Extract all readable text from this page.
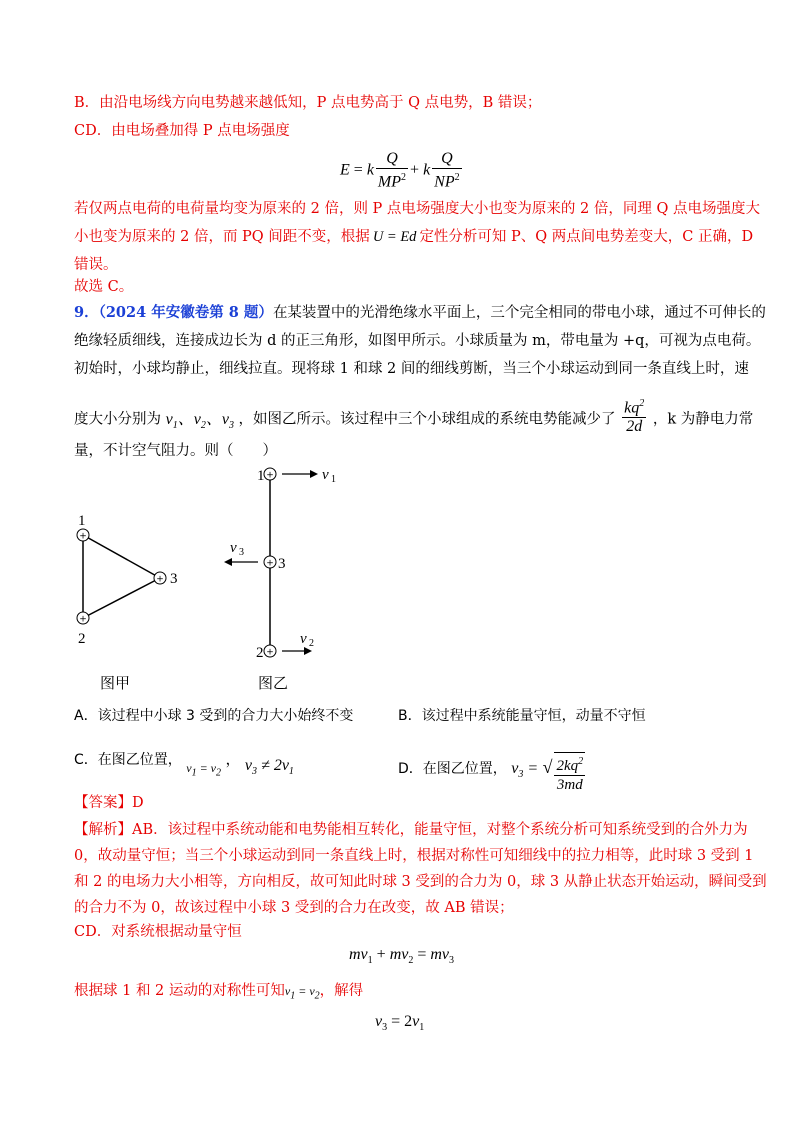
B．由沿电场线方向电势越来越低知，P 点电势高于 Q 点电势，B 错误；
CD．由电场叠加得 P 点电场强度
E = k $\frac{Q}{MP^2} + k \frac{Q}{NP^2}$
若仅两点电荷的电荷量均变为原来的 2 倍，则 P 点电场强度大小也变为原来的 2 倍，同理 Q 点电场强度大
小也变为原来的 2 倍，而 PQ 间距不变，根据 U = Ed 定性分析可知 P、Q 两点间电势差变大，C 正确，D
错误。
故选 C。
9．（2024 年安徽卷第 8 题）在某装置中的光滑绝缘水平面上，三个完全相同的带电小球，通过不可伸长的
绝缘轻质细线，连接成边长为 d 的正三角形，如图甲所示。小球质量为 m，带电量为 +q，可视为点电荷。
初始时，小球均静止，细线拉直。现将球 1 和球 2 间的细线剪断，当三个小球运动到同一条直线上时，速
度大小分别为 $v_1$、$v_2$、$v_3$ ，如图乙所示。该过程中三个小球组成的系统电势能减少了 $\frac{kq^2}{2d}$ ，k 为静电力常
量，不计空气阻力。则（　　）
+
+
+
1
2
3
图甲
+
+
+
1
3
2
v 1
v 3
v 2
图乙
A．该过程中小球 3 受到的合力大小始终不变	B．该过程中系统能量守恒，动量不守恒
C．在图乙位置， $v_1 = v_2$ ， $v_3 \ne 2v_1$	D．在图乙位置， $v_3$ = √ $\frac{2kq^2}{3md}$
【答案】D
【解析】AB．该过程中系统动能和电势能相互转化，能量守恒，对整个系统分析可知系统受到的合外力为
0，故动量守恒；当三个小球运动到同一条直线上时，根据对称性可知细线中的拉力相等，此时球 3 受到 1
和 2 的电场力大小相等，方向相反，故可知此时球 3 受到的合力为 0，球 3 从静止状态开始运动，瞬间受到
的合力不为 0，故该过程中小球 3 受到的合力在改变，故 AB 错误；
CD．对系统根据动量守恒
$mv_1 + mv_2 = mv_3$
根据球 1 和 2 运动的对称性可知$v_1 = v_2$，解得
$v_3 = 2v_1$
